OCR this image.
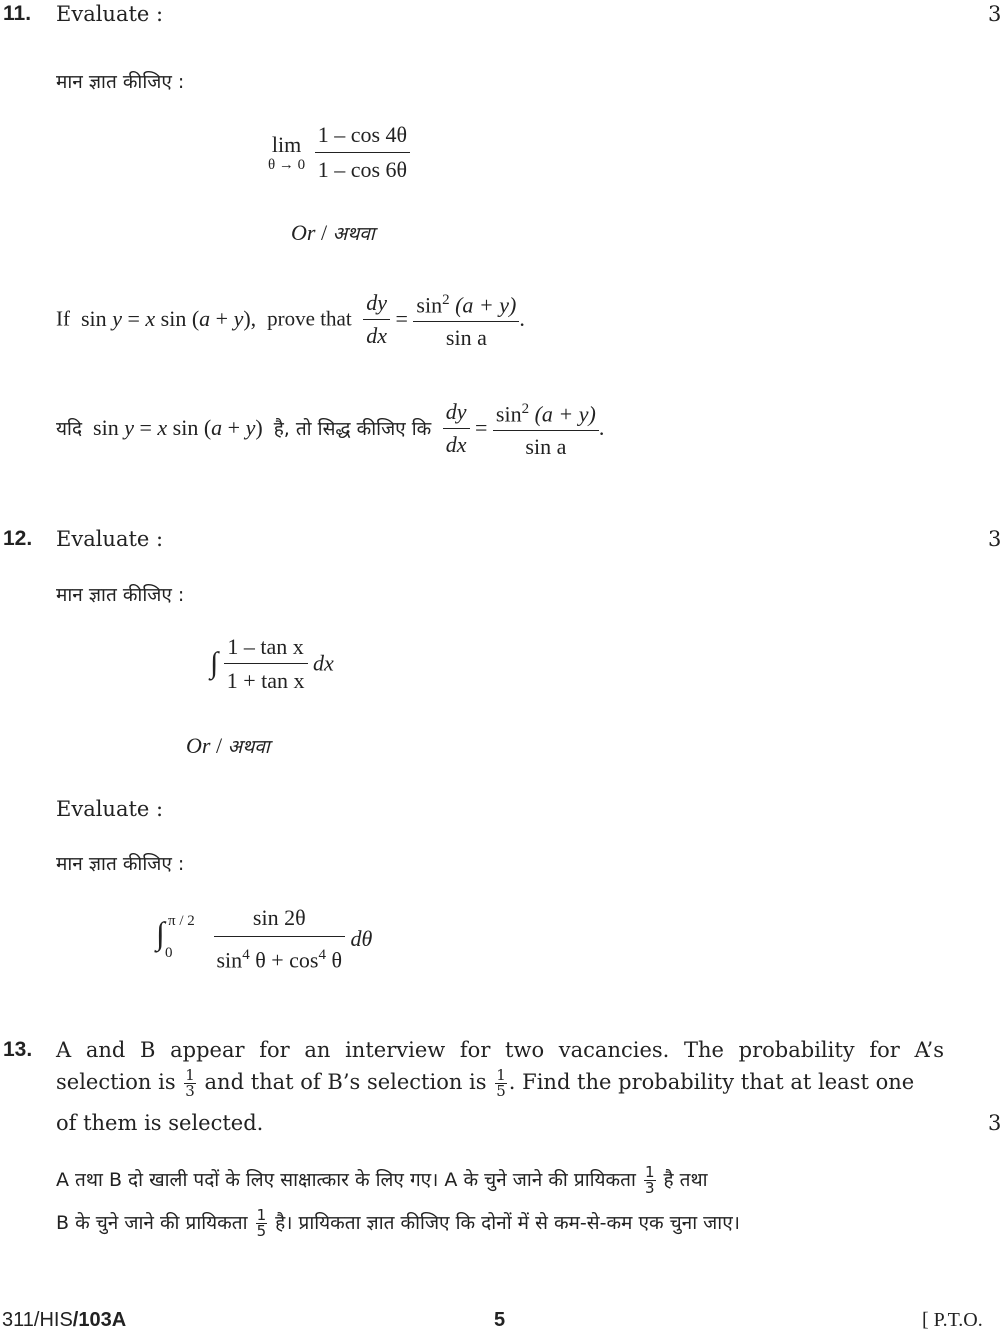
11. Evaluate :	3
मान ज्ञात कीजिए :
lim
θ → 0
$\frac{1 - \cos 4\theta}{1 - \cos 6\theta}$
Or / अथवा
If  sin y = x sin (a + y),  prove that $\frac{dy}{dx} = \frac{\sin^2 (a + y)}{\text{sin a}}$ .
यदि  sin y = x sin (a + y)  है, तो सिद्ध कीजिए कि $\frac{dy}{dx} = \frac{\sin^2 (a + y)}{\text{sin a}}$ .
12. Evaluate :	3
मान ज्ञात कीजिए :
∫ $\frac{\text{1 – tan x}}{\text{1 + tan x}}$ dx
Or / अथवा
Evaluate :
मान ज्ञात कीजिए :
∫ π / 2
0
$\frac{\sin 2\theta}{\sin^4 \theta + \cos^4 \theta}$ dθ
13. A and B appear for an interview for two vacancies. The probability for A’s
selection is $\frac{1}{3}$ and that of B’s selection is $\frac{1}{5}$ . Find the probability that at least one
of them is selected.	3
A तथा B दो खाली पदों के लिए साक्षात्कार के लिए गए। A के चुने जाने की प्रायिकता $\frac{1}{3}$ है तथा
B के चुने जाने की प्रायिकता $\frac{1}{5}$ है। प्रायिकता ज्ञात कीजिए कि दोनों में से कम-से-कम एक चुना जाए।
311/HIS/103A	5	[ P.T.O.
